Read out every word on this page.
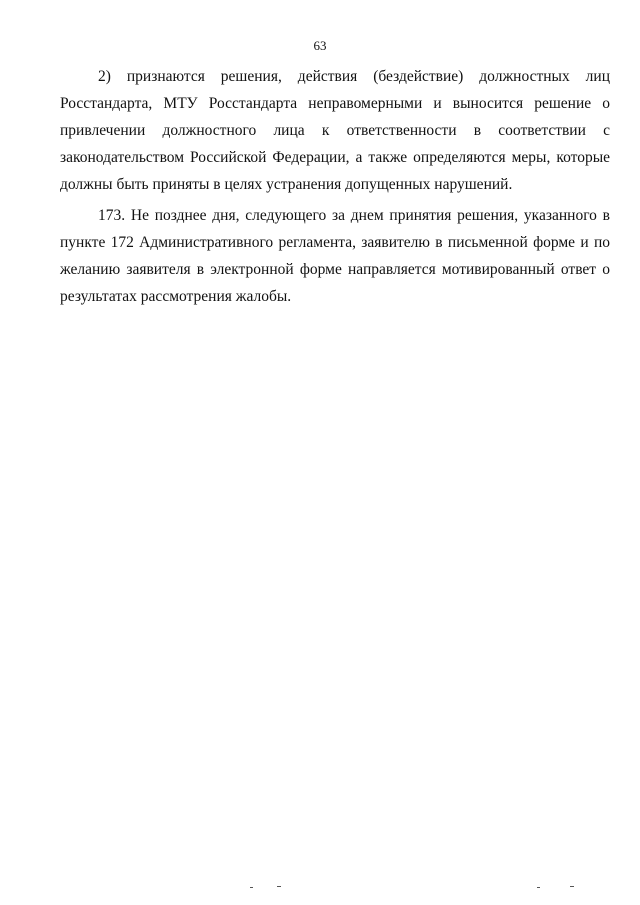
63

2) признаются решения, действия (бездействие) должностных лиц Росстандарта, МТУ Росстандарта неправомерными и выносится решение о привлечении должностного лица к ответственности в соответствии с законодательством Российской Федерации, а также определяются меры, которые должны быть приняты в целях устранения допущенных нарушений.

173. Не позднее дня, следующего за днем принятия решения, указанного в пункте 172 Административного регламента, заявителю в письменной форме и по желанию заявителя в электронной форме направляется мотивированный ответ о результатах рассмотрения жалобы.
